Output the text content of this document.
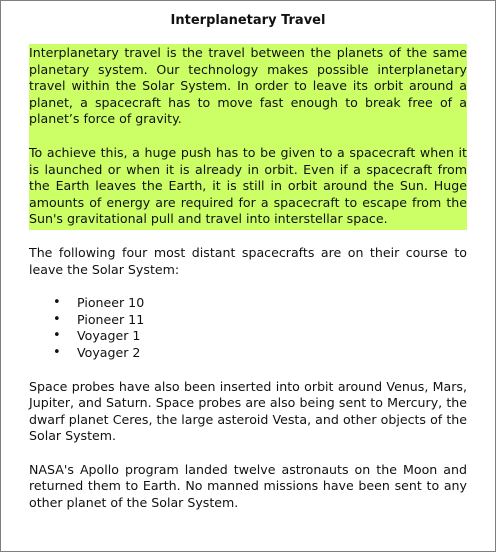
Interplanetary Travel

Interplanetary travel is the travel between the planets of the same planetary system. Our technology makes possible interplanetary travel within the Solar System. In order to leave its orbit around a planet, a spacecraft has to move fast enough to break free of a planet’s force of gravity.

To achieve this, a huge push has to be given to a spacecraft when it is launched or when it is already in orbit. Even if a spacecraft from the Earth leaves the Earth, it is still in orbit around the Sun. Huge amounts of energy are required for a spacecraft to escape from the Sun's gravitational pull and travel into interstellar space.

The following four most distant spacecrafts are on their course to leave the Solar System:

• Pioneer 10
• Pioneer 11
• Voyager 1
• Voyager 2

Space probes have also been inserted into orbit around Venus, Mars, Jupiter, and Saturn. Space probes are also being sent to Mercury, the dwarf planet Ceres, the large asteroid Vesta, and other objects of the Solar System.

NASA's Apollo program landed twelve astronauts on the Moon and returned them to Earth. No manned missions have been sent to any other planet of the Solar System.
